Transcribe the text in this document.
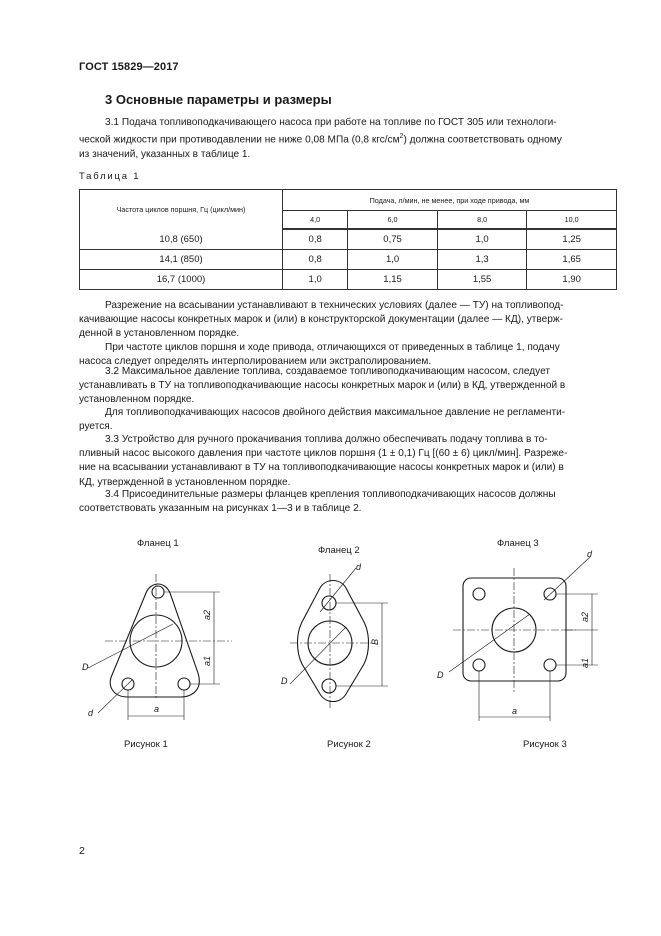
ГОСТ 15829—2017
3 Основные параметры и размеры
3.1 Подача топливоподкачивающего насоса при работе на топливе по ГОСТ 305 или технологи-
ческой жидкости при противодавлении не ниже 0,08 МПа (0,8 кгс/$см^2$) должна соответствовать одному
из значений, указанных в таблице 1.
Таблица 1
Частота циклов поршня, Гц (цикл/мин)	Подача, л/мин, не менее, при ходе привода, мм			
	4,0	6,0	8,0	10,0
10,8 (650)	0,8	0,75	1,0	1,25
14,1 (850)	0,8	1,0	1,3	1,65
16,7 (1000)	1,0	1,15	1,55	1,90
Разрежение на всасывании устанавливают в технических условиях (далее — ТУ) на топливопод-
качивающие насосы конкретных марок и (или) в конструкторской документации (далее — КД), утверж-
денной в установленном порядке.
При частоте циклов поршня и ходе привода, отличающихся от приведенных в таблице 1, подачу
насоса следует определять интерполированием или экстраполированием.
3.2 Максимальное давление топлива, создаваемое топливоподкачивающим насосом, следует
устанавливать в ТУ на топливоподкачивающие насосы конкретных марок и (или) в КД, утвержденной в
установленном порядке.
Для топливоподкачивающих насосов двойного действия максимальное давление не регламенти-
руется.
3.3 Устройство для ручного прокачивания топлива должно обеспечивать подачу топлива в то-
пливный насос высокого давления при частоте циклов поршня (1 ± 0,1) Гц [(60 ± 6) цикл/мин]. Разреже-
ние на всасывании устанавливают в ТУ на топливоподкачивающие насосы конкретных марок и (или) в
КД, утвержденной в установленном порядке.
3.4 Присоединительные размеры фланцев крепления топливоподкачивающих насосов должны
соответствовать указанным на рисунках 1—3 и в таблице 2.
Фланец 1
Фланец 2
Фланец 3
D
d	a
a1
a2
D
d
B
D
d
a
a1
a2
Рисунок 1	Рисунок 2	Рисунок 3
2
